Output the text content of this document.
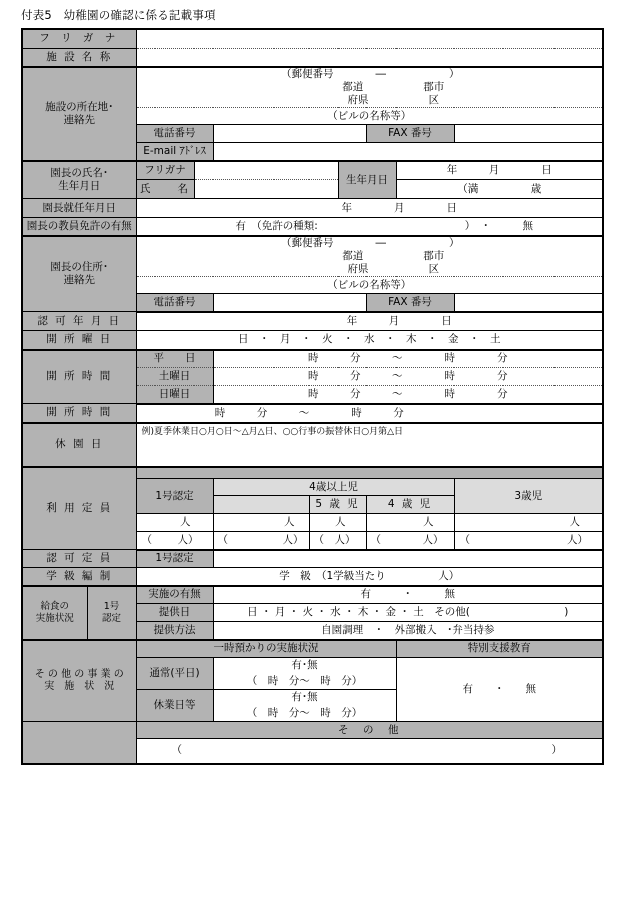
付表5　幼稚園の確認に係る記載事項
フ リ ガ ナ									
施 設 名 称									
施設の所在地･
連絡先		（郵便番号　　　　―　　　　　　）
都道 郡市
府県 区							
		（ビルの名称等）							
		電話番号					FAX 番号		
		E-mail ｱﾄﾞﾚｽ							
園長の氏名･
生年月日		フリガナ				生年月日		年　　　月　　　　日	
		氏　　名						（満　　　　　歳	
園長就任年月日		年　　　　月　　　　日							
園長の教員免許の有無		有　（免許の種類:　　　　　　　　　　　　　　）　・　　　無							
園長の住所･
連絡先		（郵便番号　　　　―　　　　　　）
都道 郡市
府県 区							
		（ビルの名称等）							
		電話番号					FAX 番号		
認 可 年 月 日		年　　　月　　　　日							
開 所 曜 日		日　・　月　・　火　・　水　・　木　・　金　・　土							
開 所 時 間		平　　日		時　　　分　　　～　　　　時　　　　分					
		土曜日		時　　　分　　　～　　　　時　　　　分					
		日曜日		時　　　分　　　～　　　　時　　　　分					
開 所 時 間		時　　　分　　　～　　　　時　　　分							
休 園 日		例)夏季休業日○月○日～△月△日、○○行事の振替休日○月第△日							
利 用 定 員									
		1号認定		4歳以上児					3歳児
					5 歳 児		4 歳 児		
		人		人	人		人		人

		（ 人）		（ 人）	（ 人）		（ 人）		（ 人）

認 可 定 員		1号認定							
学 級 編 制		学　級　（1学級当たり　　　　　人）							
給食の
実施状況	1号
認定	実施の有無		有　　　・　　　無					
		提供日		日 ・ 月 ・ 火 ・ 水 ・ 木 ・ 金 ・ 土　その他(　　　　　　　　　)					
		提供方法		自園調理　・　外部搬入　･弁当持参					
そ の 他 の 事 業 の
実　施　状　況		一時預かりの実施状況						特別支援教育	
		通常(平日)		有･無				有　　・　　無	
				（　時　分～　時　分）					
		休業日等		有･無					
				（　時　分～　時　分）					
		そ　の　他							

		（ ）							
